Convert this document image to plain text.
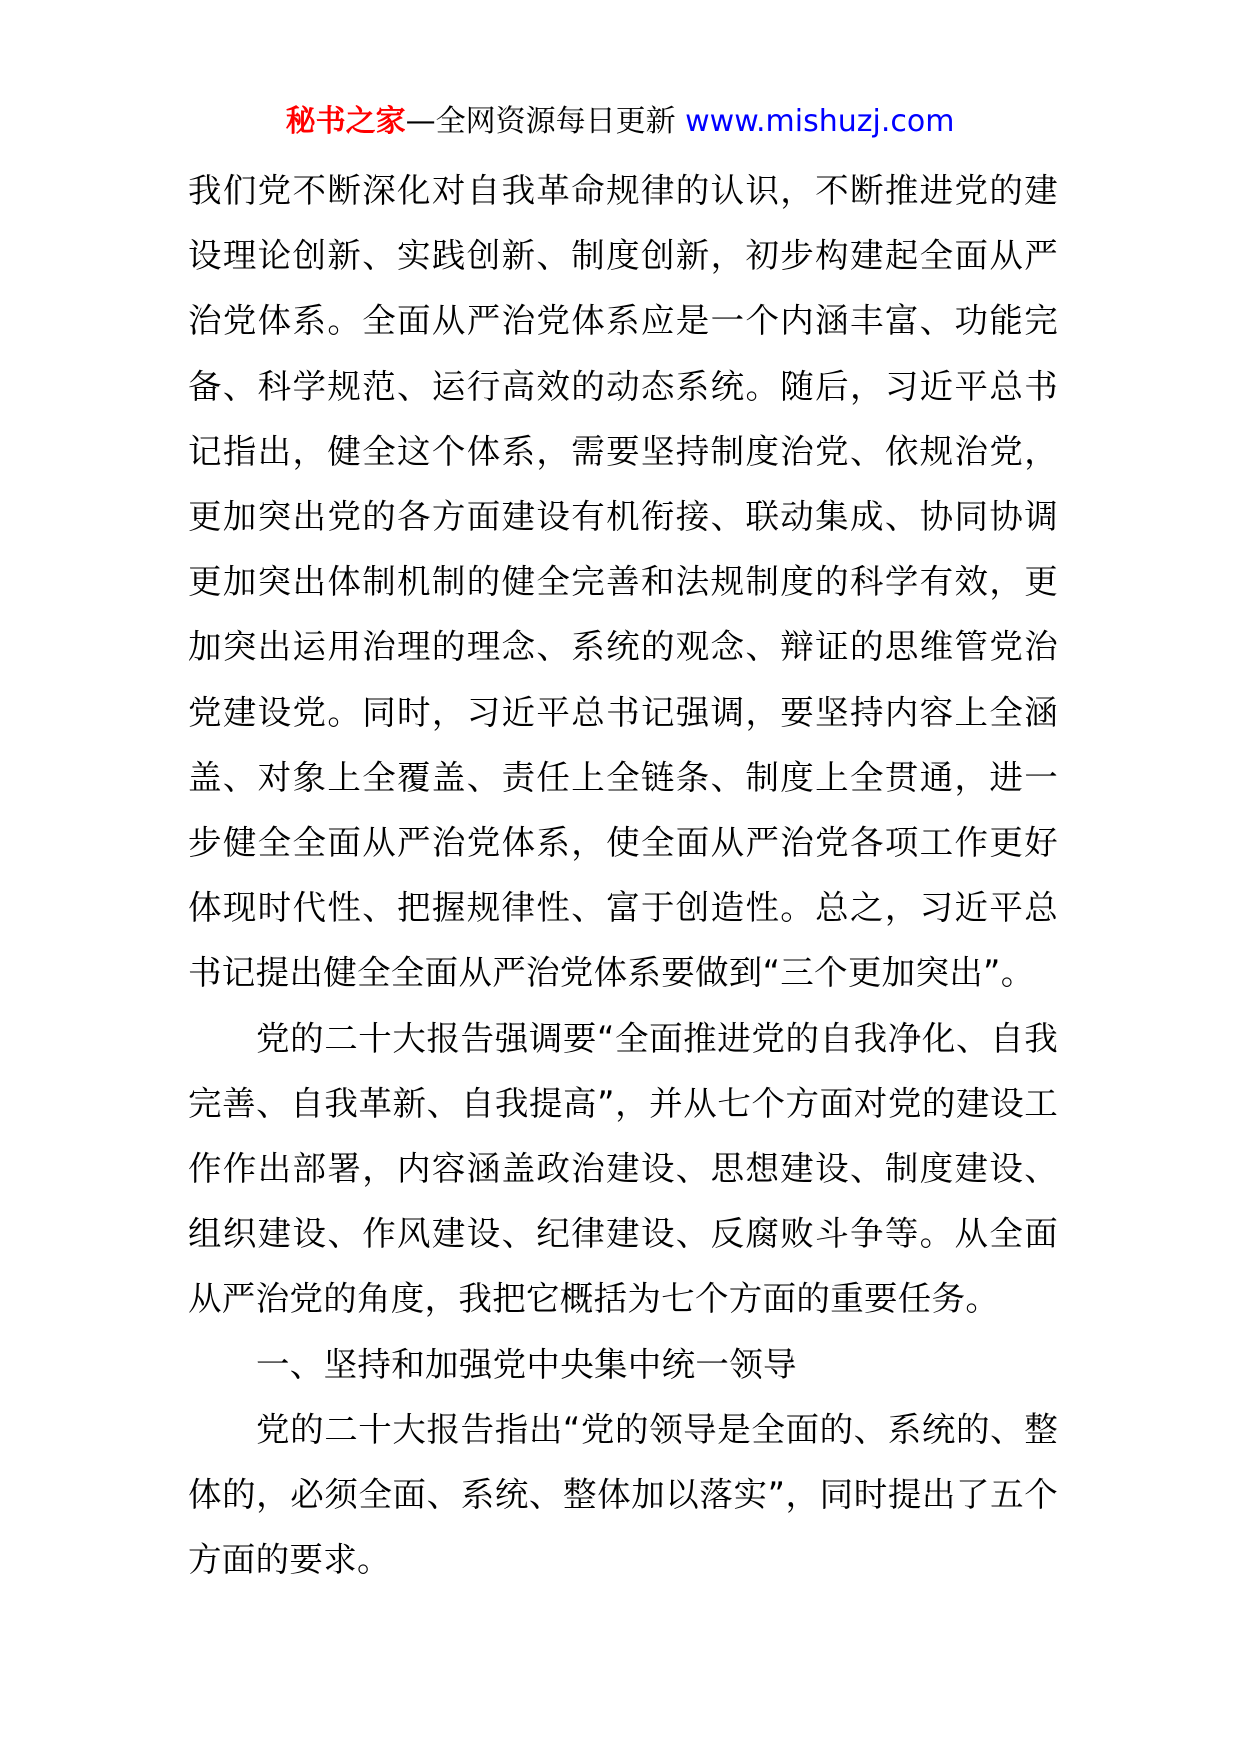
秘书之家—全网资源每日更新 www.mishuzj.com

我们党不断深化对自我革命规律的认识，不断推进党的建设理论创新、实践创新、制度创新，初步构建起全面从严治党体系。全面从严治党体系应是一个内涵丰富、功能完备、科学规范、运行高效的动态系统。随后，习近平总书记指出，健全这个体系，需要坚持制度治党、依规治党，更加突出党的各方面建设有机衔接、联动集成、协同协调更加突出体制机制的健全完善和法规制度的科学有效，更加突出运用治理的理念、系统的观念、辩证的思维管党治党建设党。同时，习近平总书记强调，要坚持内容上全涵盖、对象上全覆盖、责任上全链条、制度上全贯通，进一步健全全面从严治党体系，使全面从严治党各项工作更好体现时代性、把握规律性、富于创造性。总之，习近平总书记提出健全全面从严治党体系要做到“三个更加突出”。

党的二十大报告强调要“全面推进党的自我净化、自我完善、自我革新、自我提高”，并从七个方面对党的建设工作作出部署，内容涵盖政治建设、思想建设、制度建设、组织建设、作风建设、纪律建设、反腐败斗争等。从全面从严治党的角度，我把它概括为七个方面的重要任务。

一、坚持和加强党中央集中统一领导

党的二十大报告指出“党的领导是全面的、系统的、整体的，必须全面、系统、整体加以落实”，同时提出了五个方面的要求。
